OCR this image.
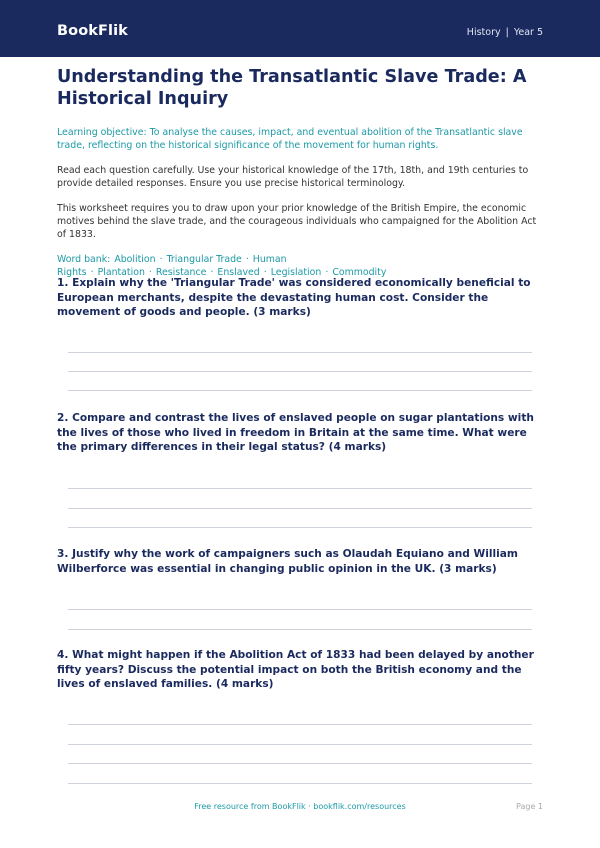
BookFlik	History | Year 5
Understanding the Transatlantic Slave Trade: A Historical Inquiry

Learning objective: To analyse the causes, impact, and eventual abolition of the Transatlantic slave trade, reflecting on the historical significance of the movement for human rights.

Read each question carefully. Use your historical knowledge of the 17th, 18th, and 19th centuries to provide detailed responses. Ensure you use precise historical terminology.

This worksheet requires you to draw upon your prior knowledge of the British Empire, the economic motives behind the slave trade, and the courageous individuals who campaigned for the Abolition Act of 1833.

Word bank: Abolition · Triangular Trade · Human Rights · Plantation · Resistance · Enslaved · Legislation · Commodity

1. Explain why the 'Triangular Trade' was considered economically beneficial to European merchants, despite the devastating human cost. Consider the movement of goods and people. (3 marks)

2. Compare and contrast the lives of enslaved people on sugar plantations with the lives of those who lived in freedom in Britain at the same time. What were the primary differences in their legal status? (4 marks)

3. Justify why the work of campaigners such as Olaudah Equiano and William Wilberforce was essential in changing public opinion in the UK. (3 marks)

4. What might happen if the Abolition Act of 1833 had been delayed by another fifty years? Discuss the potential impact on both the British economy and the lives of enslaved families. (4 marks)

Free resource from BookFlik · bookflik.com/resources	Page 1
